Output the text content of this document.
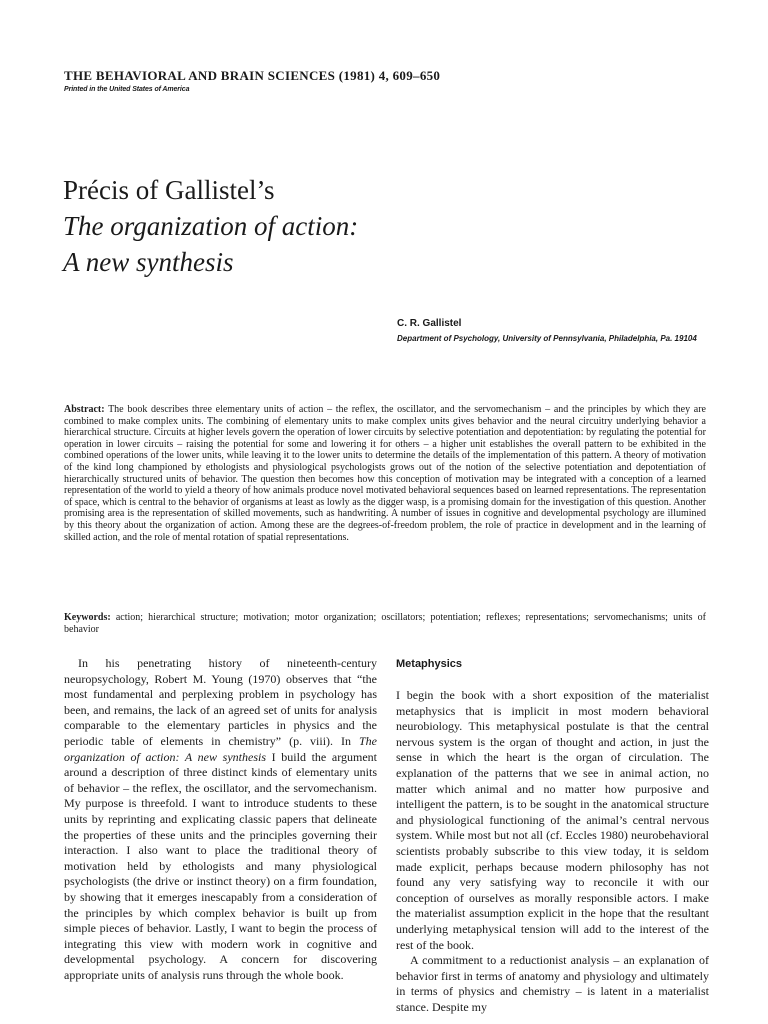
THE BEHAVIORAL AND BRAIN SCIENCES (1981) 4, 609–650
Printed in the United States of America
Précis of Gallistel’s
The organization of action:
A new synthesis
C. R. Gallistel
Department of Psychology, University of Pennsylvania, Philadelphia, Pa. 19104

Abstract: The book describes three elementary units of action – the reflex, the oscillator, and the servomechanism – and the principles by which they are combined to make complex units. The combining of elementary units to make complex units gives behavior and the neural circuitry underlying behavior a hierarchical structure. Circuits at higher levels govern the operation of lower circuits by selective potentiation and depotentiation: by regulating the potential for operation in lower circuits – raising the potential for some and lowering it for others – a higher unit establishes the overall pattern to be exhibited in the combined operations of the lower units, while leaving it to the lower units to determine the details of the implementation of this pattern. A theory of motivation of the kind long championed by ethologists and physiological psychologists grows out of the notion of the selective potentiation and depotentiation of hierarchically structured units of behavior. The question then becomes how this conception of motivation may be integrated with a conception of a learned representation of the world to yield a theory of how animals produce novel motivated behavioral sequences based on learned representations. The representation of space, which is central to the behavior of organisms at least as lowly as the digger wasp, is a promising domain for the investigation of this question. Another promising area is the representation of skilled movements, such as handwriting. A number of issues in cognitive and developmental psychology are illumined by this theory about the organization of action. Among these are the degrees-of-freedom problem, the role of practice in development and in the learning of skilled action, and the role of mental rotation of spatial representations.

Keywords: action; hierarchical structure; motivation; motor organization; oscillators; potentiation; reflexes; representations; servomechanisms; units of behavior

In his penetrating history of nineteenth-century neuropsychology, Robert M. Young (1970) observes that “the most fundamental and perplexing problem in psychology has been, and remains, the lack of an agreed set of units for analysis comparable to the elementary particles in physics and the periodic table of elements in chemistry” (p. viii). In The organization of action: A new synthesis I build the argument around a description of three distinct kinds of elementary units of behavior – the reflex, the oscillator, and the servomechanism. My purpose is threefold. I want to introduce students to these units by reprinting and explicating classic papers that delineate the properties of these units and the principles governing their interaction. I also want to place the traditional theory of motivation held by ethologists and many physiological psychologists (the drive or instinct theory) on a firm foundation, by showing that it emerges inescapably from a consideration of the principles by which complex behavior is built up from simple pieces of behavior. Lastly, I want to begin the process of integrating this view with modern work in cognitive and developmental psychology. A concern for discovering appropriate units of analysis runs through the whole book.

Metaphysics

I begin the book with a short exposition of the materialist metaphysics that is implicit in most modern behavioral neurobiology. This metaphysical postulate is that the central nervous system is the organ of thought and action, in just the sense in which the heart is the organ of circulation. The explanation of the patterns that we see in animal action, no matter which animal and no matter how purposive and intelligent the pattern, is to be sought in the anatomical structure and physiological functioning of the animal’s central nervous system. While most but not all (cf. Eccles 1980) neurobehavioral scientists probably subscribe to this view today, it is seldom made explicit, perhaps because modern philosophy has not found any very satisfying way to reconcile it with our conception of ourselves as morally responsible actors. I make the materialist assumption explicit in the hope that the resultant underlying metaphysical tension will add to the interest of the rest of the book.

A commitment to a reductionist analysis – an explanation of behavior first in terms of anatomy and physiology and ultimately in terms of physics and chemistry – is latent in a materialist stance. Despite my
